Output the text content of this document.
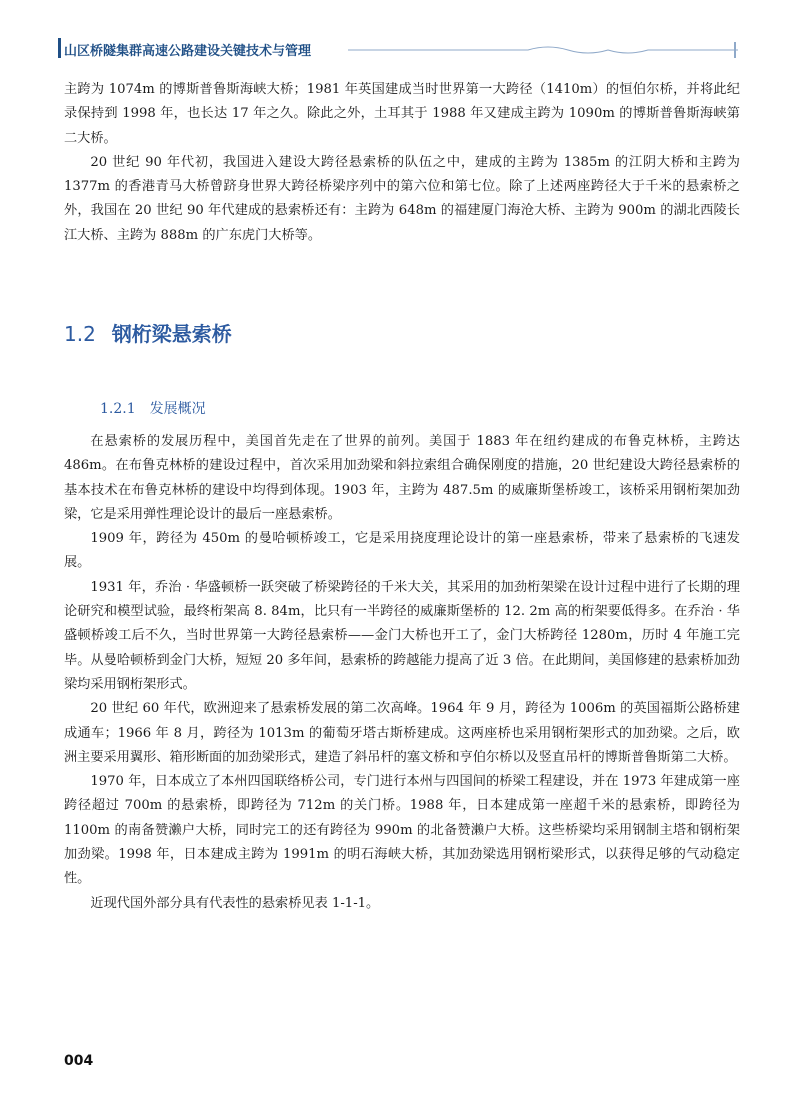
山区桥隧集群高速公路建设关键技术与管理

主跨为 1074m 的博斯普鲁斯海峡大桥；1981 年英国建成当时世界第一大跨径（1410m）的恒伯尔桥，并将此纪录保持到 1998 年，也长达 17 年之久。除此之外，土耳其于 1988 年又建成主跨为 1090m 的博斯普鲁斯海峡第二大桥。

20 世纪 90 年代初，我国进入建设大跨径悬索桥的队伍之中，建成的主跨为 1385m 的江阴大桥和主跨为 1377m 的香港青马大桥曾跻身世界大跨径桥梁序列中的第六位和第七位。除了上述两座跨径大于千米的悬索桥之外，我国在 20 世纪 90 年代建成的悬索桥还有：主跨为 648m 的福建厦门海沧大桥、主跨为 900m 的湖北西陵长江大桥、主跨为 888m 的广东虎门大桥等。

1.2 钢桁梁悬索桥
1.2.1 发展概况

在悬索桥的发展历程中，美国首先走在了世界的前列。美国于 1883 年在纽约建成的布鲁克林桥，主跨达 486m。在布鲁克林桥的建设过程中，首次采用加劲梁和斜拉索组合确保刚度的措施，20 世纪建设大跨径悬索桥的基本技术在布鲁克林桥的建设中均得到体现。1903 年，主跨为 487.5m 的威廉斯堡桥竣工，该桥采用钢桁架加劲梁，它是采用弹性理论设计的最后一座悬索桥。

1909 年，跨径为 450m 的曼哈顿桥竣工，它是采用挠度理论设计的第一座悬索桥，带来了悬索桥的飞速发展。

1931 年，乔治 · 华盛顿桥一跃突破了桥梁跨径的千米大关，其采用的加劲桁架梁在设计过程中进行了长期的理论研究和模型试验，最终桁架高 8. 84m，比只有一半跨径的威廉斯堡桥的 12. 2m 高的桁架要低得多。在乔治 · 华盛顿桥竣工后不久，当时世界第一大跨径悬索桥——金门大桥也开工了，金门大桥跨径 1280m，历时 4 年施工完毕。从曼哈顿桥到金门大桥，短短 20 多年间，悬索桥的跨越能力提高了近 3 倍。在此期间，美国修建的悬索桥加劲梁均采用钢桁架形式。

20 世纪 60 年代，欧洲迎来了悬索桥发展的第二次高峰。1964 年 9 月，跨径为 1006m 的英国福斯公路桥建成通车；1966 年 8 月，跨径为 1013m 的葡萄牙塔古斯桥建成。这两座桥也采用钢桁架形式的加劲梁。之后，欧洲主要采用翼形、箱形断面的加劲梁形式，建造了斜吊杆的塞文桥和亨伯尔桥以及竖直吊杆的博斯普鲁斯第二大桥。

1970 年，日本成立了本州四国联络桥公司，专门进行本州与四国间的桥梁工程建设，并在 1973 年建成第一座跨径超过 700m 的悬索桥，即跨径为 712m 的关门桥。1988 年，日本建成第一座超千米的悬索桥，即跨径为 1100m 的南备赞濑户大桥，同时完工的还有跨径为 990m 的北备赞濑户大桥。这些桥梁均采用钢制主塔和钢桁架加劲梁。1998 年，日本建成主跨为 1991m 的明石海峡大桥，其加劲梁选用钢桁梁形式，以获得足够的气动稳定性。

近现代国外部分具有代表性的悬索桥见表 1-1-1。

004
